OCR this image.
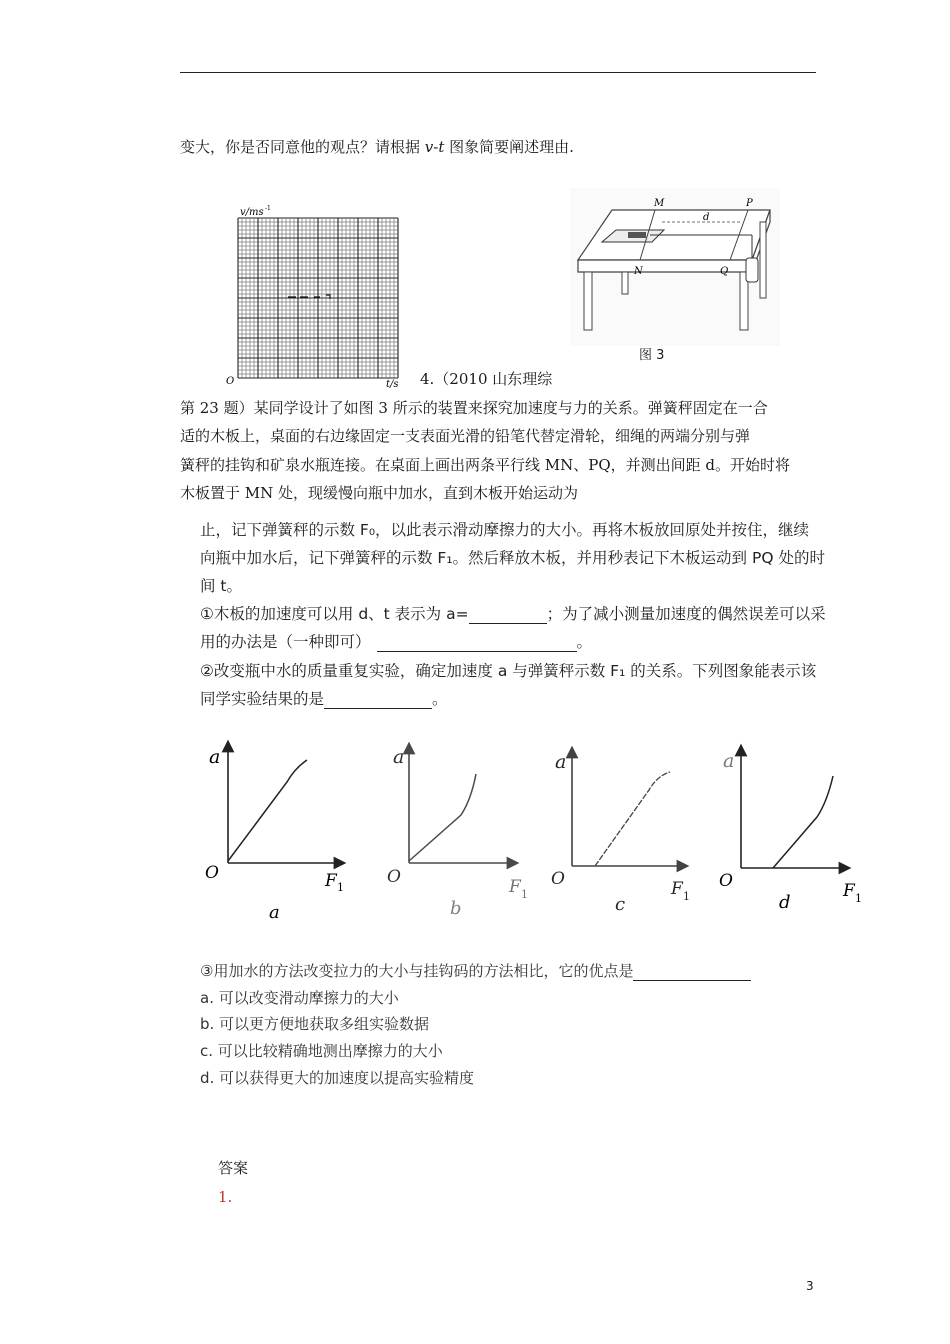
变大，你是否同意他的观点？请根据 v-t 图象简要阐述理由.
v/ms -1
O	t/s
M	P
N	Q
d
图 3
4.（2010 山东理综
第 23 题）某同学设计了如图 3 所示的装置来探究加速度与力的关系。弹簧秤固定在一合
适的木板上，桌面的右边缘固定一支表面光滑的铅笔代替定滑轮，细绳的两端分别与弹
簧秤的挂钩和矿泉水瓶连接。在桌面上画出两条平行线 MN、PQ，并测出间距 d。开始时将
木板置于 MN 处，现缓慢向瓶中加水，直到木板开始运动为
止，记下弹簧秤的示数 F₀，以此表示滑动摩擦力的大小。再将木板放回原处并按住，继续
向瓶中加水后，记下弹簧秤的示数 F₁。然后释放木板，并用秒表记下木板运动到 PQ 处的时
间 t。
①木板的加速度可以用 d、t 表示为 a=	；为了减小测量加速度的偶然误差可以采
用的办法是（一种即可）	。
②改变瓶中水的质量重复实验，确定加速度 a 与弹簧秤示数 F₁ 的关系。下列图象能表示该
同学实验结果的是	。
a
O	F 1
a
a
O	F 1
b
a
O	F 1
c
a
O	F 1
d
③用加水的方法改变拉力的大小与挂钩码的方法相比，它的优点是
a. 可以改变滑动摩擦力的大小
b. 可以更方便地获取多组实验数据
c. 可以比较精确地测出摩擦力的大小
d. 可以获得更大的加速度以提高实验精度
答案
1.
3
